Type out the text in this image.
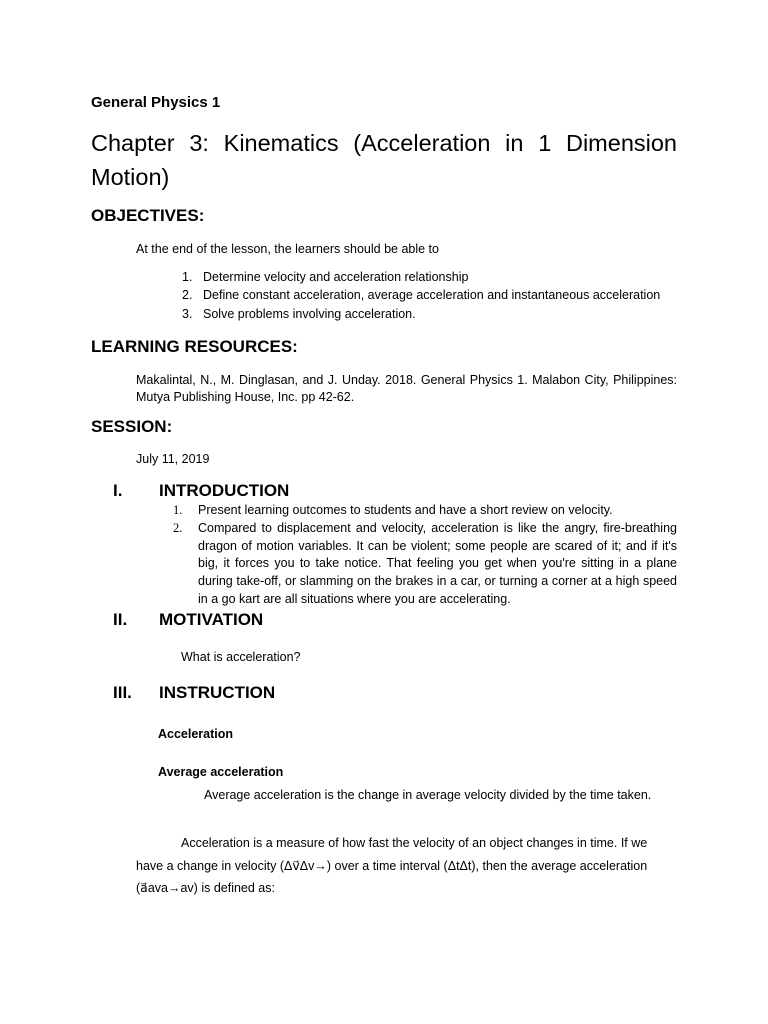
General Physics 1
Chapter 3: Kinematics (Acceleration in 1 Dimension Motion)
OBJECTIVES:
At the end of the lesson, the learners should be able to
1. Determine velocity and acceleration relationship
2. Define constant acceleration, average acceleration and instantaneous acceleration
3. Solve problems involving acceleration.
LEARNING RESOURCES:
Makalintal, N., M. Dinglasan, and J. Unday. 2018. General Physics 1. Malabon City, Philippines: Mutya Publishing House, Inc. pp 42-62.
SESSION:
July 11, 2019
I. INTRODUCTION
1. Present learning outcomes to students and have a short review on velocity.
2. Compared to displacement and velocity, acceleration is like the angry, fire-breathing dragon of motion variables. It can be violent; some people are scared of it; and if it's big, it forces you to take notice. That feeling you get when you're sitting in a plane during take-off, or slamming on the brakes in a car, or turning a corner at a high speed in a go kart are all situations where you are accelerating.
II. MOTIVATION
What is acceleration?
III. INSTRUCTION
Acceleration
Average acceleration
Average acceleration is the change in average velocity divided by the time taken.
Acceleration is a measure of how fast the velocity of an object changes in time. If we have a change in velocity (Δv⃗Δv→) over a time interval (ΔtΔt), then the average acceleration (a⃗ava→av) is defined as:
